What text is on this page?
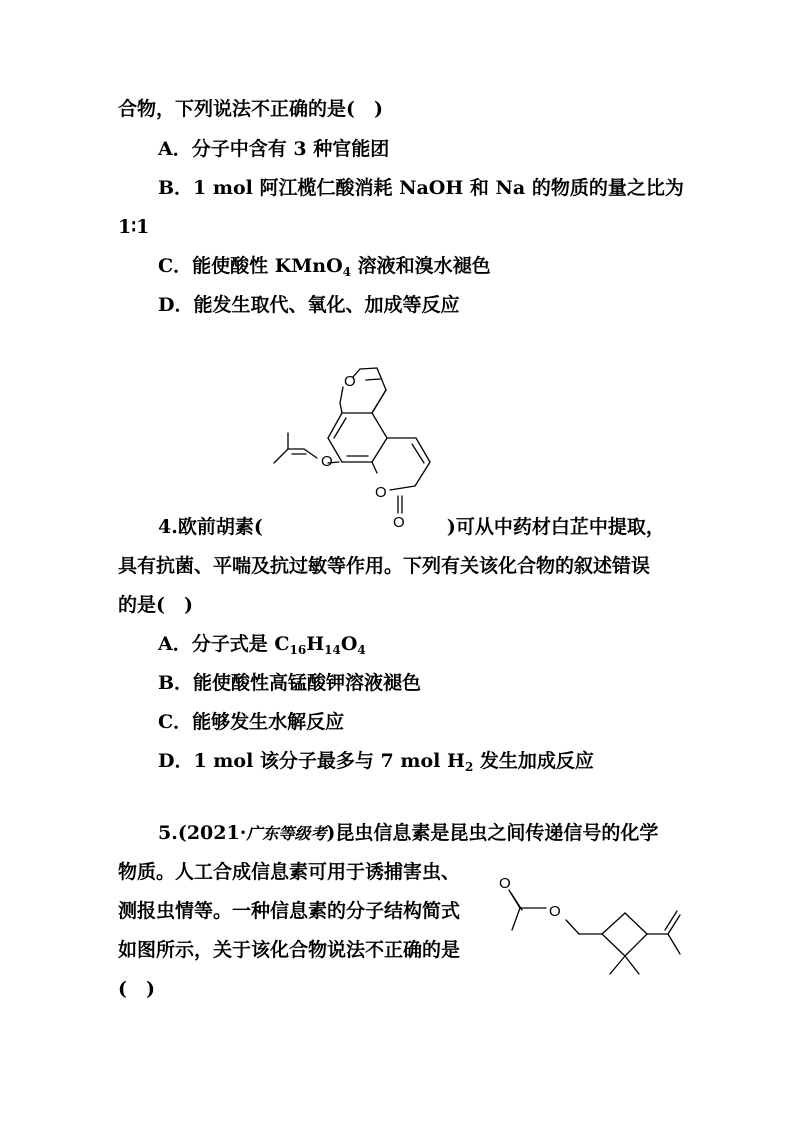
合物，下列说法不正确的是(　)
A．分子中含有 3 种官能团
B．1 mol 阿江榄仁酸消耗 NaOH 和 Na 的物质的量之比为
1∶1
C．能使酸性 KMnO$_4$ 溶液和溴水褪色
D．能发生取代、氧化、加成等反应
O
O
O
O
4.欧前胡素(	)可从中药材白芷中提取，
具有抗菌、平喘及抗过敏等作用。下列有关该化合物的叙述错误
的是(　)
A．分子式是 $C_{16}H_{14}O_4$
B．能使酸性高锰酸钾溶液褪色
C．能够发生水解反应
D．1 mol 该分子最多与 7 mol $H_2$ 发生加成反应
5.(2021·广东等级考)昆虫信息素是昆虫之间传递信号的化学
物质。人工合成信息素可用于诱捕害虫、
测报虫情等。一种信息素的分子结构简式
如图所示，关于该化合物说法不正确的是
(　)
O
O
